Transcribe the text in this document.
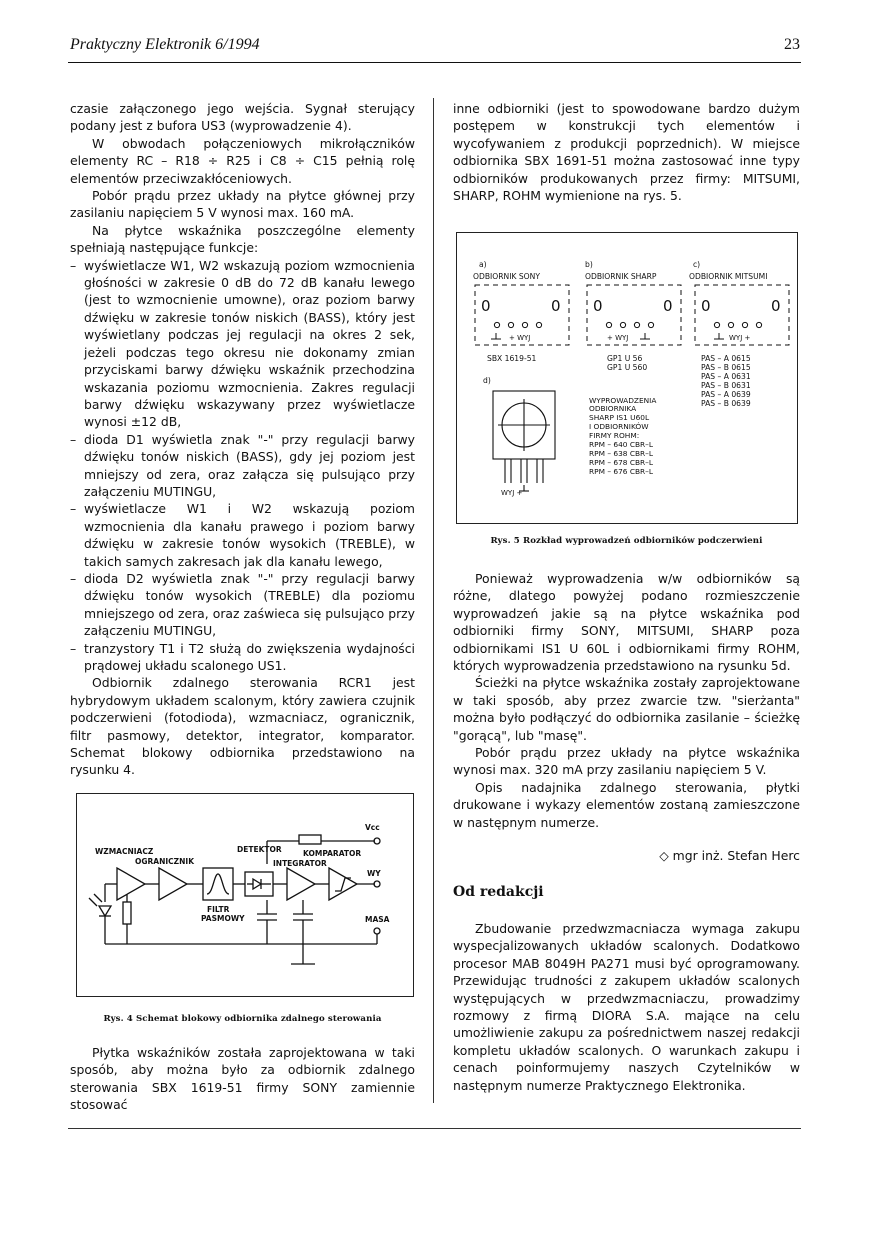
Praktyczny Elektronik 6/1994	23

czasie załączonego jego wejścia. Sygnał sterujący podany jest z bufora US3 (wyprowadzenie 4).

W obwodach połączeniowych mikrołączników elementy RC – R18 ÷ R25 i C8 ÷ C15 pełnią rolę elementów przeciwzakłóceniowych.

Pobór prądu przez układy na płytce głównej przy zasilaniu napięciem 5 V wynosi max. 160 mA.

Na płytce wskaźnika poszczególne elementy spełniają następujące funkcje:

– wyświetlacze W1, W2 wskazują poziom wzmocnienia głośności w zakresie 0 dB do 72 dB kanału lewego (jest to wzmocnienie umowne), oraz poziom barwy dźwięku w zakresie tonów niskich (BASS), który jest wyświetlany podczas jej regulacji na okres 2 sek, jeżeli podczas tego okresu nie dokonamy zmian przyciskami barwy dźwięku wskaźnik przechodzina wskazania poziomu wzmocnienia. Zakres regulacji barwy dźwięku wskazywany przez wyświetlacze wynosi ±12 dB,
– dioda D1 wyświetla znak "-" przy regulacji barwy dźwięku tonów niskich (BASS), gdy jej poziom jest mniejszy od zera, oraz załącza się pulsująco przy załączeniu MUTINGU,
– wyświetlacze W1 i W2 wskazują poziom wzmocnienia dla kanału prawego i poziom barwy dźwięku w zakresie tonów wysokich (TREBLE), w takich samych zakresach jak dla kanału lewego,
– dioda D2 wyświetla znak "-" przy regulacji barwy dźwięku tonów wysokich (TREBLE) dla poziomu mniejszego od zera, oraz zaświeca się pulsująco przy załączeniu MUTINGU,
– tranzystory T1 i T2 służą do zwiększenia wydajności prądowej układu scalonego US1.

Odbiornik zdalnego sterowania RCR1 jest hybrydowym układem scalonym, który zawiera czujnik podczerwieni (fotodioda), wzmacniacz, ogranicznik, filtr pasmowy, detektor, integrator, komparator. Schemat blokowy odbiornika przedstawiono na rysunku 4.

Vcc
WZMACNIACZ
OGRANICZNIK
DETEKTOR	KOMPARATOR
INTEGRATOR
WY
FILTR
PASMOWY	MASA
Rys. 4 Schemat blokowy odbiornika zdalnego sterowania

Płytka wskaźników została zaprojektowana w taki sposób, aby można było za odbiornik zdalnego sterowania SBX 1619-51 firmy SONY zamiennie stosować

inne odbiorniki (jest to spowodowane bardzo dużym postępem w konstrukcji tych elementów i wycofywaniem z produkcji poprzednich). W miejsce odbiornika SBX 1691-51 można zastosować inne typy odbiorników produkowanych przez firmy: MITSUMI, SHARP, ROHM wymienione na rys. 5.

a)
ODBIORNIK SONY
b)
ODBIORNIK SHARP
c)
ODBIORNIK MITSUMI
0	0 0	0 0	0
+ WYJ	+ WYJ	WYJ +
SBX 1619-51	GP1 U 56
GP1 U 560
PAS – A 0615
PAS – B 0615
PAS – A 0631
PAS – B 0631
PAS – A 0639
PAS – B 0639
d)
WYJ +
WYPROWADZENIA
ODBIORNIKA
SHARP IS1 U60L
I ODBIORNIKÓW
FIRMY ROHM:
RPM – 640 CBR–L
RPM – 638 CBR–L
RPM – 678 CBR–L
RPM – 676 CBR–L
Rys. 5 Rozkład wyprowadzeń odbiorników podczerwieni

Ponieważ wyprowadzenia w/w odbiorników są różne, dlatego powyżej podano rozmieszczenie wyprowadzeń jakie są na płytce wskaźnika pod odbiorniki firmy SONY, MITSUMI, SHARP poza odbiornikami IS1 U 60L i odbiornikami firmy ROHM, których wyprowadzenia przedstawiono na rysunku 5d.

Ścieżki na płytce wskaźnika zostały zaprojektowane w taki sposób, aby przez zwarcie tzw. "sierżanta" można było podłączyć do odbiornika zasilanie – ścieżkę "gorącą", lub "masę".

Pobór prądu przez układy na płytce wskaźnika wynosi max. 320 mA przy zasilaniu napięciem 5 V.

Opis nadajnika zdalnego sterowania, płytki drukowane i wykazy elementów zostaną zamieszczone w następnym numerze.

◇ mgr inż. Stefan Herc
Od redakcji

Zbudowanie przedwzmacniacza wymaga zakupu wyspecjalizowanych układów scalonych. Dodatkowo procesor MAB 8049H PA271 musi być oprogramowany. Przewidując trudności z zakupem układów scalonych występujących w przedwzmacniaczu, prowadzimy rozmowy z firmą DIORA S.A. mające na celu umożliwienie zakupu za pośrednictwem naszej redakcji kompletu układów scalonych. O warunkach zakupu i cenach poinformujemy naszych Czytelników w następnym numerze Praktycznego Elektronika.
